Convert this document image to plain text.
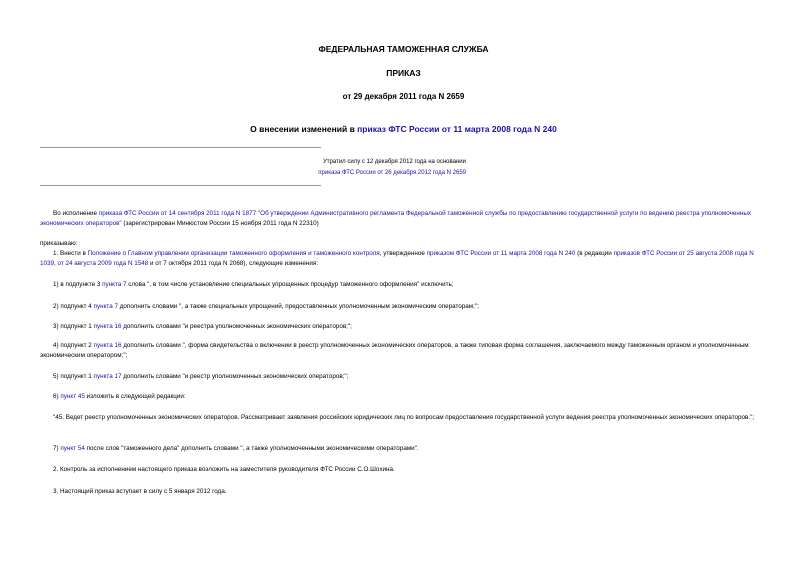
ФЕДЕРАЛЬНАЯ ТАМОЖЕННАЯ СЛУЖБА
ПРИКАЗ
от 29 декабря 2011 года N 2659
О внесении изменений в приказ ФТС России от 11 марта 2008 года N 240
Утратил силу с 12 декабря 2012 года на основании
приказа ФТС России от 26 декабря 2012 года N 2659
Во исполнение приказа ФТС России от 14 сентября 2011 года N 1877 "Об утверждении Административного регламента Федеральной таможенной службы по предоставлению государственной услуги по ведению реестра уполномоченных экономических операторов" (зарегистрирован Минюстом России 15 ноября 2011 года N 22310)
приказываю:
1. Внести в Положение о Главном управлении организации таможенного оформления и таможенного контроля, утвержденное приказом ФТС России от 11 марта 2008 года N 240 (в редакции приказов ФТС России от 25 августа 2008 года N 1039, от 24 августа 2009 года N 1548 и от 7 октября 2011 года N 2068), следующие изменения:
1) в подпункте 3 пункта 7 слова ", в том числе установление специальных упрощенных процедур таможенного оформления" исключить;
2) подпункт 4 пункта 7 дополнить словами ", а также специальных упрощений, предоставленных уполномоченным экономическим операторам;";
3) подпункт 1 пункта 16 дополнить словами "и реестра уполномоченных экономических операторов;";
4) подпункт 2 пункта 16 дополнить словами ", форма свидетельства о включении в реестр уполномоченных экономических операторов, а также типовая форма соглашения, заключаемого между таможенным органом и уполномоченным экономическим оператором;";
5) подпункт 1 пункта 17 дополнить словами "и реестр уполномоченных экономических операторов;";
6) пункт 45 изложить в следующей редакции:
"45. Ведет реестр уполномоченных экономических операторов. Рассматривает заявления российских юридических лиц по вопросам предоставления государственной услуги ведения реестра уполномоченных экономических операторов.";
7) пункт 54 после слов "таможенного дела" дополнить словами ", а также уполномоченными экономическими операторами".
2. Контроль за исполнением настоящего приказа возложить на заместителя руководителя ФТС России С.О.Шохина.
3. Настоящий приказ вступает в силу с 5 января 2012 года.
